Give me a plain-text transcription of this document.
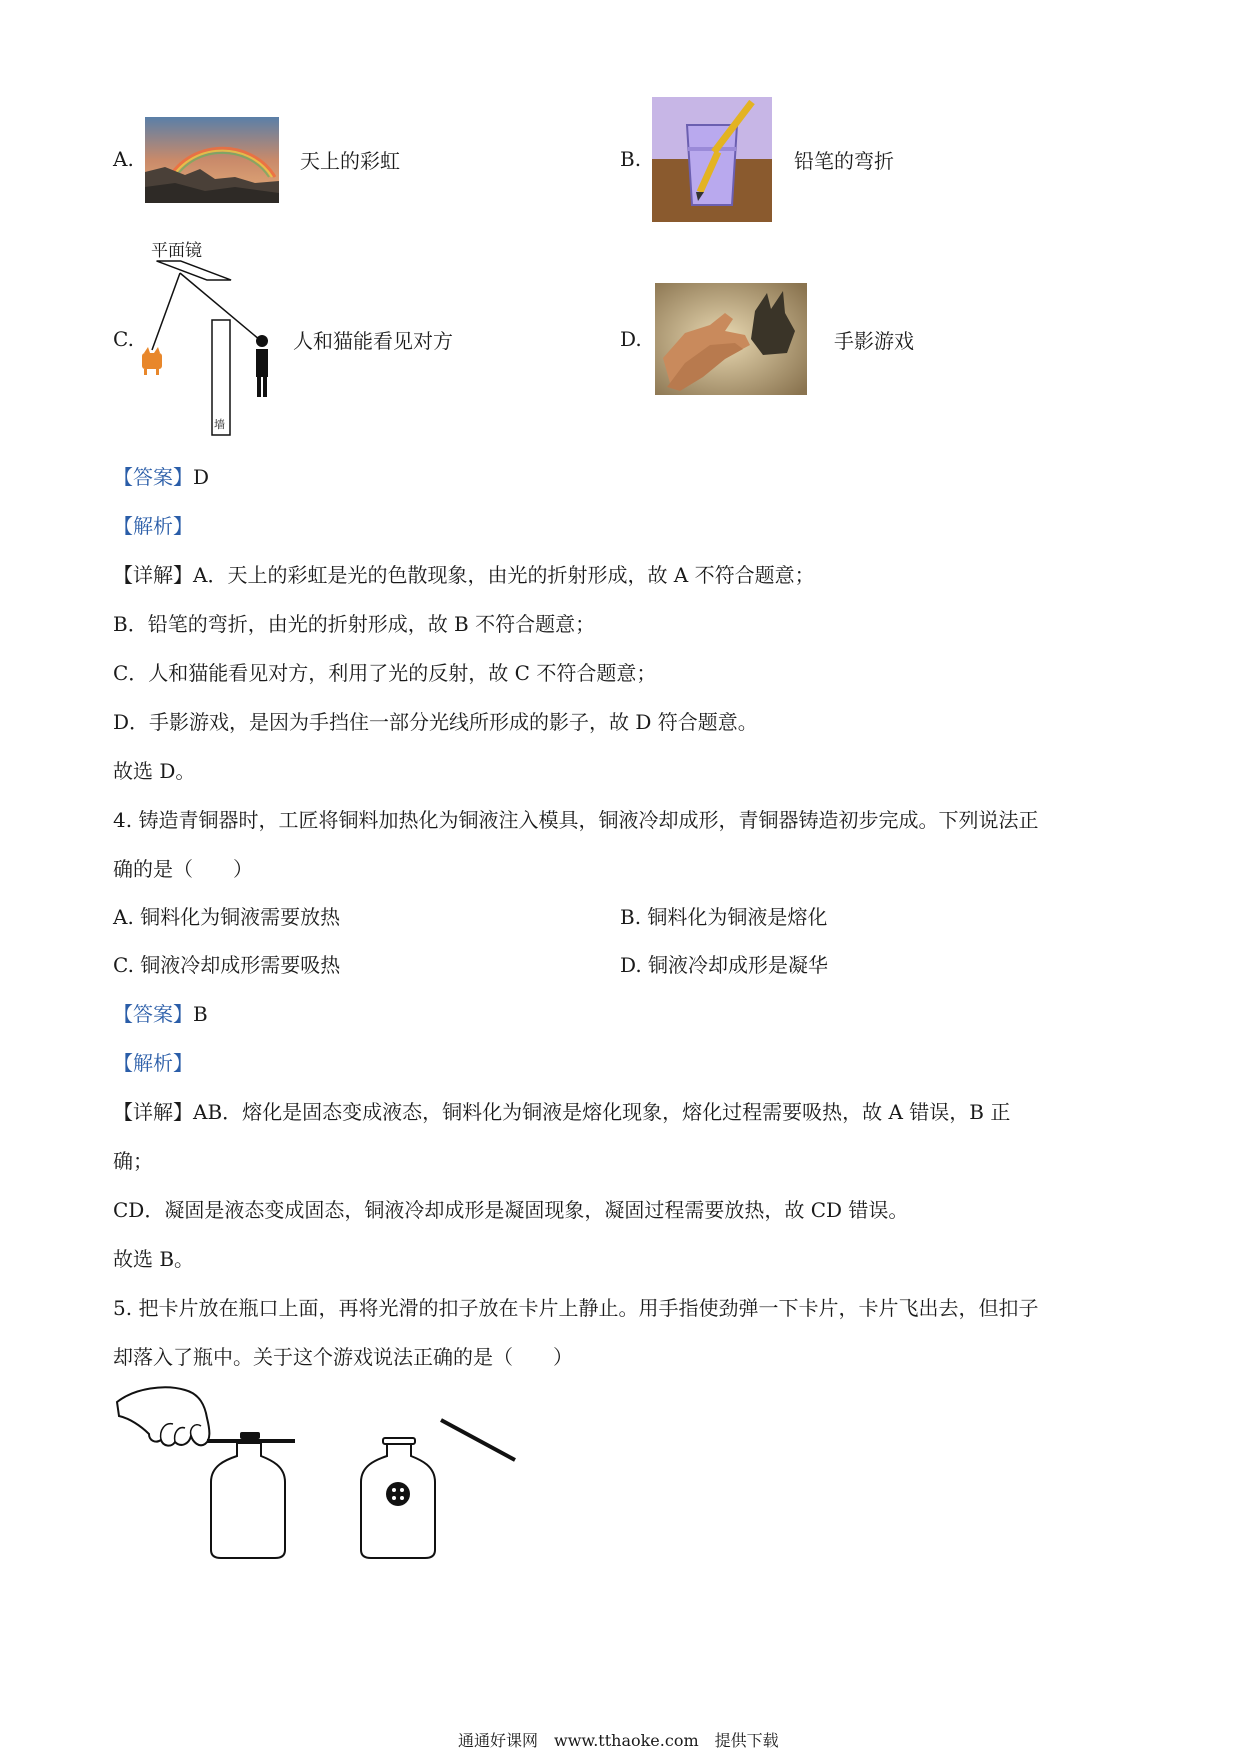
A.	天上的彩虹	B.	铅笔的弯折
C.
平面镜
墙
人和猫能看见对方	D.	手影游戏
【答案】D
【解析】
【详解】A．天上的彩虹是光的色散现象，由光的折射形成，故 A 不符合题意；
B．铅笔的弯折，由光的折射形成，故 B 不符合题意；
C．人和猫能看见对方，利用了光的反射，故 C 不符合题意；
D．手影游戏，是因为手挡住一部分光线所形成的影子，故 D 符合题意。
故选 D。
4. 铸造青铜器时，工匠将铜料加热化为铜液注入模具，铜液冷却成形，青铜器铸造初步完成。下列说法正
确的是（　　）
A. 铜料化为铜液需要放热	B. 铜料化为铜液是熔化
C. 铜液冷却成形需要吸热	D. 铜液冷却成形是凝华
【答案】B
【解析】
【详解】AB．熔化是固态变成液态，铜料化为铜液是熔化现象，熔化过程需要吸热，故 A 错误，B 正
确；
CD．凝固是液态变成固态，铜液冷却成形是凝固现象，凝固过程需要放热，故 CD 错误。
故选 B。
5. 把卡片放在瓶口上面，再将光滑的扣子放在卡片上静止。用手指使劲弹一下卡片，卡片飞出去，但扣子
却落入了瓶中。关于这个游戏说法正确的是（　　）
通通好课网　www.tthaoke.com　提供下载
